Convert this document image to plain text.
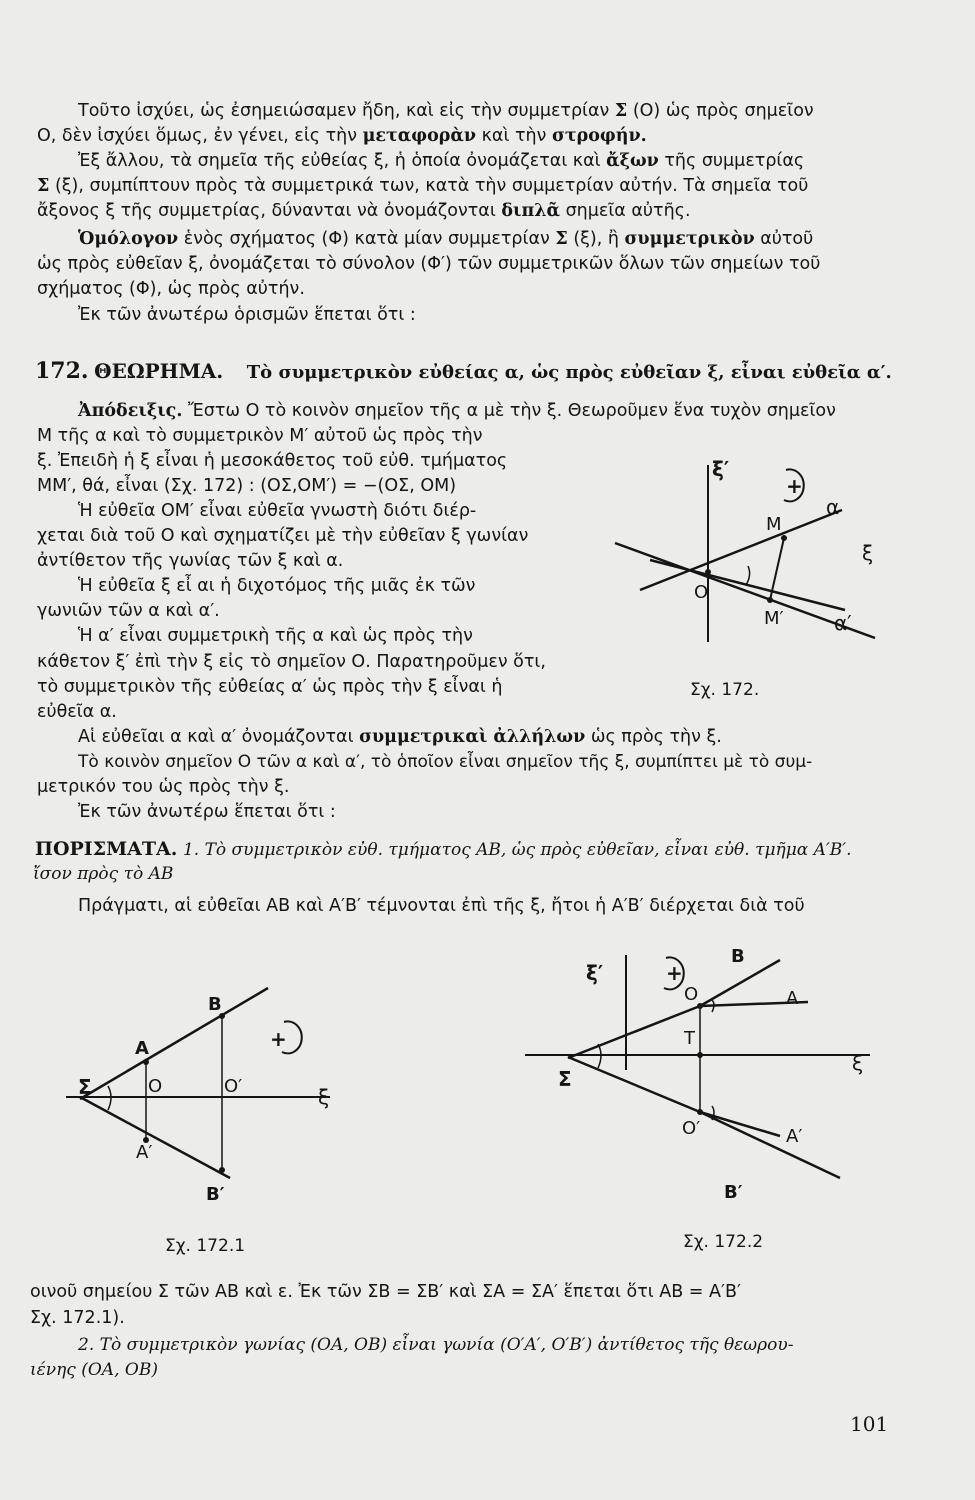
Τοῦτο ἰσχύει, ὡς ἐσημειώσαμεν ἤδη, καὶ εἰς τὴν συμμετρίαν Σ (Ο) ὡς πρὸς σημεῖον
Ο, δὲν ἰσχύει ὅμως, ἐν γένει, εἰς τὴν μεταφορὰν καὶ τὴν στροφήν.
Ἐξ ἄλλου, τὰ σημεῖα τῆς εὐθείας ξ, ἡ ὁποία ὀνομάζεται καὶ ἄξων τῆς συμμετρίας
Σ (ξ), συμπίπτουν πρὸς τὰ συμμετρικά των, κατὰ τὴν συμμετρίαν αὐτήν. Τὰ σημεῖα τοῦ
ἄξονος ξ τῆς συμμετρίας, δύνανται νὰ ὀνομάζονται διπλᾶ σημεῖα αὐτῆς.
Ὁμόλογον ἑνὸς σχήματος (Φ) κατὰ μίαν συμμετρίαν Σ (ξ), ἢ συμμετρικὸν αὐτοῦ
ὡς πρὸς εὐθεῖαν ξ, ὀνομάζεται τὸ σύνολον (Φ′) τῶν συμμετρικῶν ὅλων τῶν σημείων τοῦ
σχήματος (Φ), ὡς πρὸς αὐτήν.
Ἐκ τῶν ἀνωτέρω ὁρισμῶν ἕπεται ὅτι :
172. ΘΕΩΡΗΜΑ. Τὸ συμμετρικὸν εὐθείας α, ὡς πρὸς εὐθεῖαν ξ, εἶναι εὐθεῖα α′.
Ἀπόδειξις. Ἔστω Ο τὸ κοινὸν σημεῖον τῆς α μὲ τὴν ξ. Θεωροῦμεν ἕνα τυχὸν σημεῖον
Μ τῆς α καὶ τὸ συμμετρικὸν Μ′ αὐτοῦ ὡς πρὸς τὴν
ξ. Ἐπειδὴ ἡ ξ εἶναι ἡ μεσοκάθετος τοῦ εὐθ. τμήματος
ΜΜ′, θά, εἶναι (Σχ. 172) : (ΟΣ,ΟΜ′) = −(ΟΣ, ΟΜ)
Ἡ εὐθεῖα ΟΜ′ εἶναι εὐθεῖα γνωστὴ διότι διέρ-
χεται διὰ τοῦ Ο καὶ σχηματίζει μὲ τὴν εὐθεῖαν ξ γωνίαν
ἀντίθετον τῆς γωνίας τῶν ξ καὶ α.
Ἡ εὐθεῖα ξ εἶ αι ἡ διχοτόμος τῆς μιᾶς ἐκ τῶν
γωνιῶν τῶν α καὶ α′.
Ἡ α′ εἶναι συμμετρικὴ τῆς α καὶ ὡς πρὸς τὴν
κάθετον ξ′ ἐπὶ τὴν ξ εἰς τὸ σημεῖον Ο. Παρατηροῦμεν ὅτι,
τὸ συμμετρικὸν τῆς εὐθείας α′ ὡς πρὸς τὴν ξ εἶναι ἡ
εὐθεῖα α.
Αἱ εὐθεῖαι α καὶ α′ ὀνομάζονται συμμετρικαὶ ἀλλήλων ὡς πρὸς τὴν ξ.
Τὸ κοινὸν σημεῖον Ο τῶν α καὶ α′, τὸ ὁποῖον εἶναι σημεῖον τῆς ξ, συμπίπτει μὲ τὸ συμ-
μετρικόν του ὡς πρὸς τὴν ξ.
Ἐκ τῶν ἀνωτέρω ἕπεται ὅτι :
ΠΟΡΙΣΜΑΤΑ. 1. Τὸ συμμετρικὸν εὐθ. τμήματος ΑΒ, ὡς πρὸς εὐθεῖαν, εἶναι εὐθ. τμῆμα Α′Β′.
ἴσον πρὸς τὸ ΑΒ
Πράγματι, αἱ εὐθεῖαι ΑΒ καὶ Α′Β′ τέμνονται ἐπὶ τῆς ξ, ἤτοι ἡ Α′Β′ διέρχεται διὰ τοῦ
οινοῦ σημείου Σ τῶν ΑΒ καὶ ε. Ἐκ τῶν ΣΒ = ΣΒ′ καὶ ΣΑ = ΣΑ′ ἕπεται ὅτι ΑΒ = Α′Β′
Σχ. 172.1).
2. Τὸ συμμετρικὸν γωνίας (ΟΑ, ΟΒ) εἶναι γωνία (Ο′Α′, Ο′Β′) ἀντίθετος τῆς θεωρου-
ιένης (ΟΑ, ΟΒ)
101
ξ′
+
α
Μ
ξ
Ο
Μ′	α′
Σχ. 172.
Β
+
Α
Σ	Ο	Ο′	ξ
Α′
Β′
Σχ. 172.1
ξ′	+
Β
Ο	Α
Τ
ξ
Σ
Ο′	Α′
Β′
Σχ. 172.2
